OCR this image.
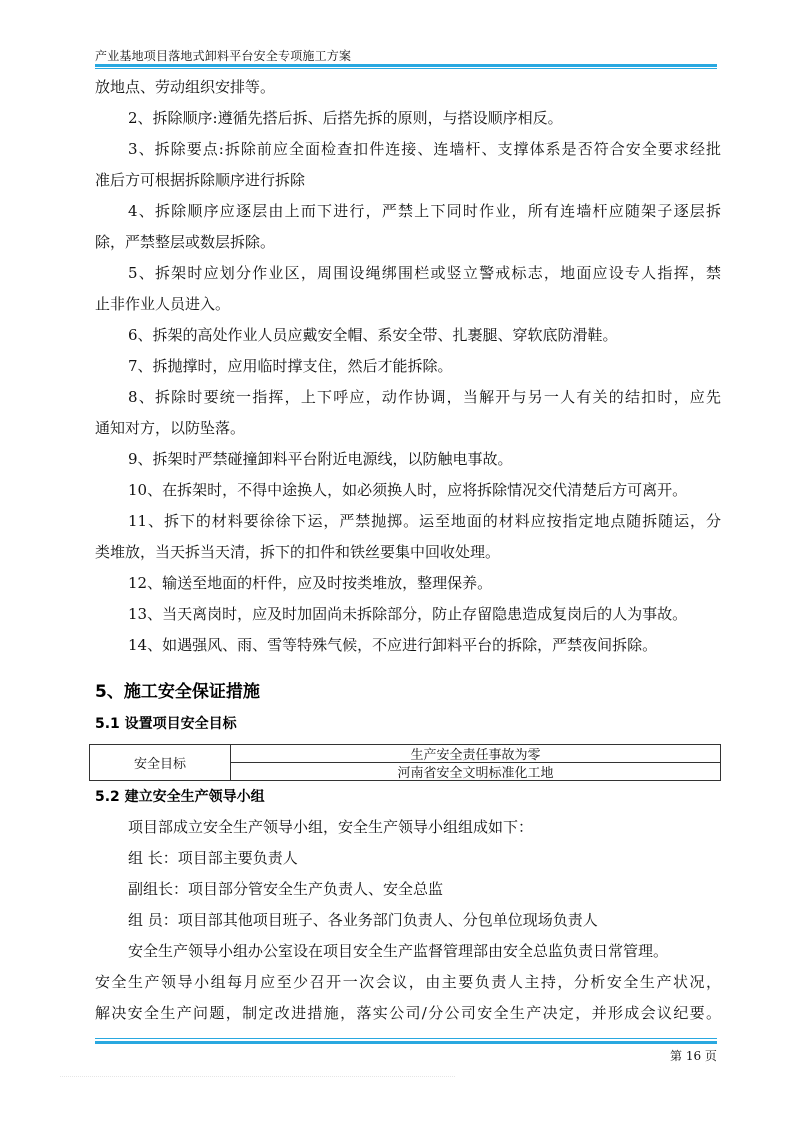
产业基地项目落地式卸料平台安全专项施工方案
放地点、劳动组织安排等。
2、拆除顺序:遵循先搭后拆、后搭先拆的原则，与搭设顺序相反。
3、拆除要点:拆除前应全面检查扣件连接、连墙杆、支撑体系是否符合安全要求经批
准后方可根据拆除顺序进行拆除
4、拆除顺序应逐层由上而下进行，严禁上下同时作业，所有连墙杆应随架子逐层拆
除，严禁整层或数层拆除。
5、拆架时应划分作业区，周围设绳绑围栏或竖立警戒标志，地面应设专人指挥，禁
止非作业人员进入。
6、拆架的高处作业人员应戴安全帽、系安全带、扎裹腿、穿软底防滑鞋。
7、拆抛撑时，应用临时撑支住，然后才能拆除。
8、拆除时要统一指挥，上下呼应，动作协调，当解开与另一人有关的结扣时，应先
通知对方，以防坠落。
9、拆架时严禁碰撞卸料平台附近电源线，以防触电事故。
10、在拆架时，不得中途换人，如必须换人时，应将拆除情况交代清楚后方可离开。
11、拆下的材料要徐徐下运，严禁抛掷。运至地面的材料应按指定地点随拆随运，分
类堆放，当天拆当天清，拆下的扣件和铁丝要集中回收处理。
12、输送至地面的杆件，应及时按类堆放，整理保养。
13、当天离岗时，应及时加固尚未拆除部分，防止存留隐患造成复岗后的人为事故。
14、如遇强风、雨、雪等特殊气候，不应进行卸料平台的拆除，严禁夜间拆除。
5、施工安全保证措施
5.1 设置项目安全目标
安全目标
生产安全责任事故为零
河南省安全文明标准化工地
5.2 建立安全生产领导小组
项目部成立安全生产领导小组，安全生产领导小组组成如下：
组 长：项目部主要负责人
副组长：项目部分管安全生产负责人、安全总监
组 员：项目部其他项目班子、各业务部门负责人、分包单位现场负责人
安全生产领导小组办公室设在项目安全生产监督管理部由安全总监负责日常管理。
安全生产领导小组每月应至少召开一次会议，由主要负责人主持，分析安全生产状况，
解决安全生产问题，制定改进措施，落实公司/分公司安全生产决定，并形成会议纪要。
第 16 页
